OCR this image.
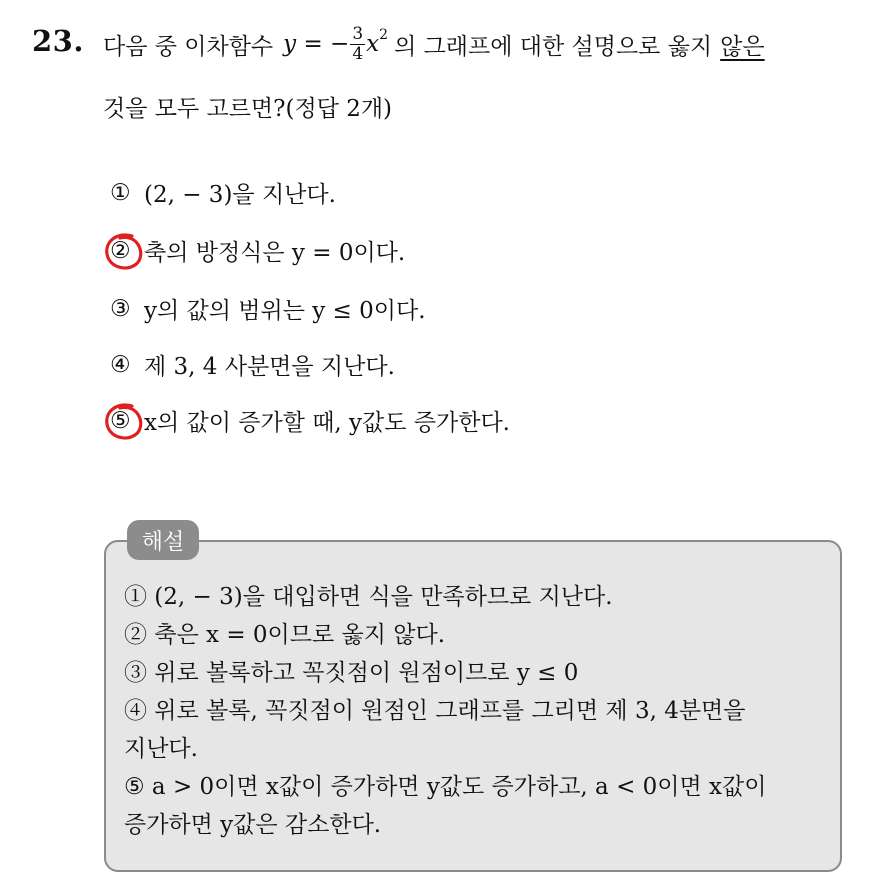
23. 다음 중 이차함수 y = − $\frac{3}{4} x^2$ 의 그래프에 대한 설명으로 옳지 않은
것을 모두 고르면?(정답 2개)
① (2, − 3)을 지난다.
② 축의 방정식은 y = 0이다.
③ y의 값의 범위는 y ≤ 0이다.
④ 제 3, 4 사분면을 지난다.
⑤ x의 값이 증가할 때, y값도 증가한다.
해설
① (2, − 3)을 대입하면 식을 만족하므로 지난다.
② 축은 x = 0이므로 옳지 않다.
③ 위로 볼록하고 꼭짓점이 원점이므로 y ≤ 0
④ 위로 볼록, 꼭짓점이 원점인 그래프를 그리면 제 3, 4분면을
지난다.
⑤ a > 0이면 x값이 증가하면 y값도 증가하고, a < 0이면 x값이
증가하면 y값은 감소한다.
